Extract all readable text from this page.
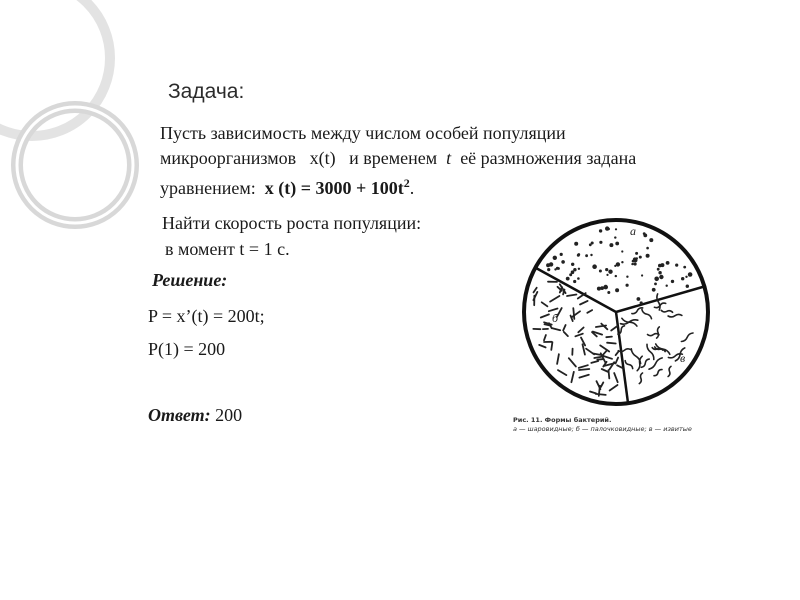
Задача:
Пусть зависимость между числом особей популяции
микроорганизмов x(t) и временем t её размножения задана
уравнением: x $(t) = 3000 + 100t^2$.
Найти скорость роста популяции:
в момент t = 1 с.
Решение:
P = x’(t) = 200t;
P(1) = 200
Ответ: 200
а
б
в
Рис. 11. Формы бактерий.
а — шаровидные; б — палочковидные; в — извитые
